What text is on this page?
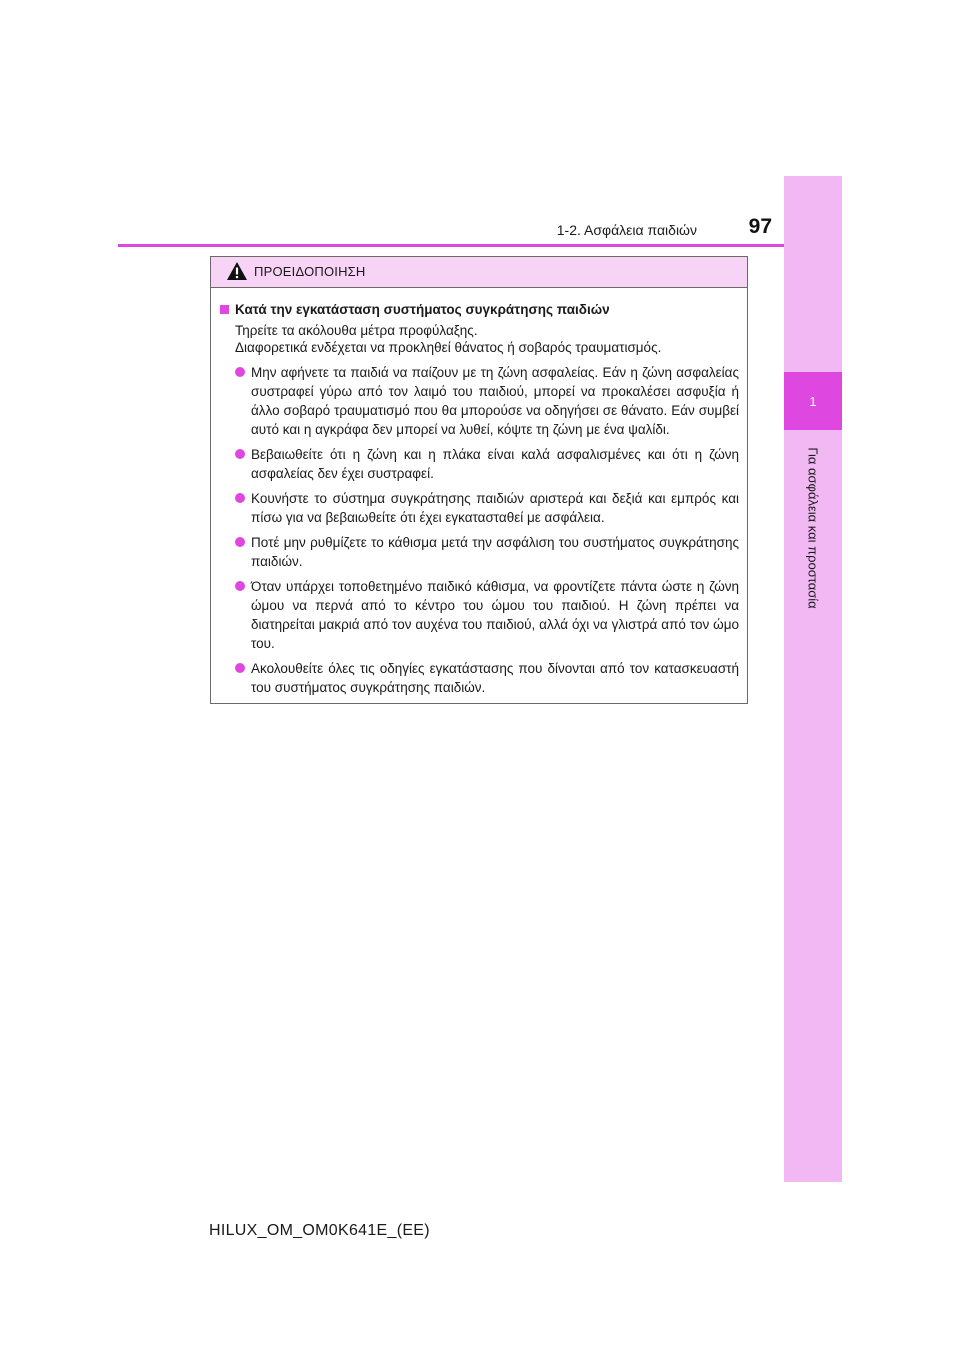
1
Για ασφάλεια και προστασία
1-2. Ασφάλεια παιδιών 97
ΠΡΟΕΙΔΟΠΟΙΗΣΗ
Κατά την εγκατάσταση συστήματος συγκράτησης παιδιών
Τηρείτε τα ακόλουθα μέτρα προφύλαξης.
Διαφορετικά ενδέχεται να προκληθεί θάνατος ή σοβαρός τραυματισμός.
Μην αφήνετε τα παιδιά να παίζουν με τη ζώνη ασφαλείας. Εάν η ζώνη ασφαλείας συστραφεί γύρω από τον λαιμό του παιδιού, μπορεί να προκαλέσει ασφυξία ή άλλο σοβαρό τραυματισμό που θα μπορούσε να οδηγήσει σε θάνατο. Εάν συμβεί αυτό και η αγκράφα δεν μπορεί να λυθεί, κόψτε τη ζώνη με ένα ψαλίδι.
Βεβαιωθείτε ότι η ζώνη και η πλάκα είναι καλά ασφαλισμένες και ότι η ζώνη ασφαλείας δεν έχει συστραφεί.
Κουνήστε το σύστημα συγκράτησης παιδιών αριστερά και δεξιά και εμπρός και πίσω για να βεβαιωθείτε ότι έχει εγκατασταθεί με ασφάλεια.
Ποτέ μην ρυθμίζετε το κάθισμα μετά την ασφάλιση του συστήματος συγκράτησης παιδιών.
Όταν υπάρχει τοποθετημένο παιδικό κάθισμα, να φροντίζετε πάντα ώστε η ζώνη ώμου να περνά από το κέντρο του ώμου του παιδιού. Η ζώνη πρέπει να διατηρείται μακριά από τον αυχένα του παιδιού, αλλά όχι να γλιστρά από τον ώμο του.
Ακολουθείτε όλες τις οδηγίες εγκατάστασης που δίνονται από τον κατασκευαστή του συστήματος συγκράτησης παιδιών.
HILUX_OM_OM0K641E_(EE)
